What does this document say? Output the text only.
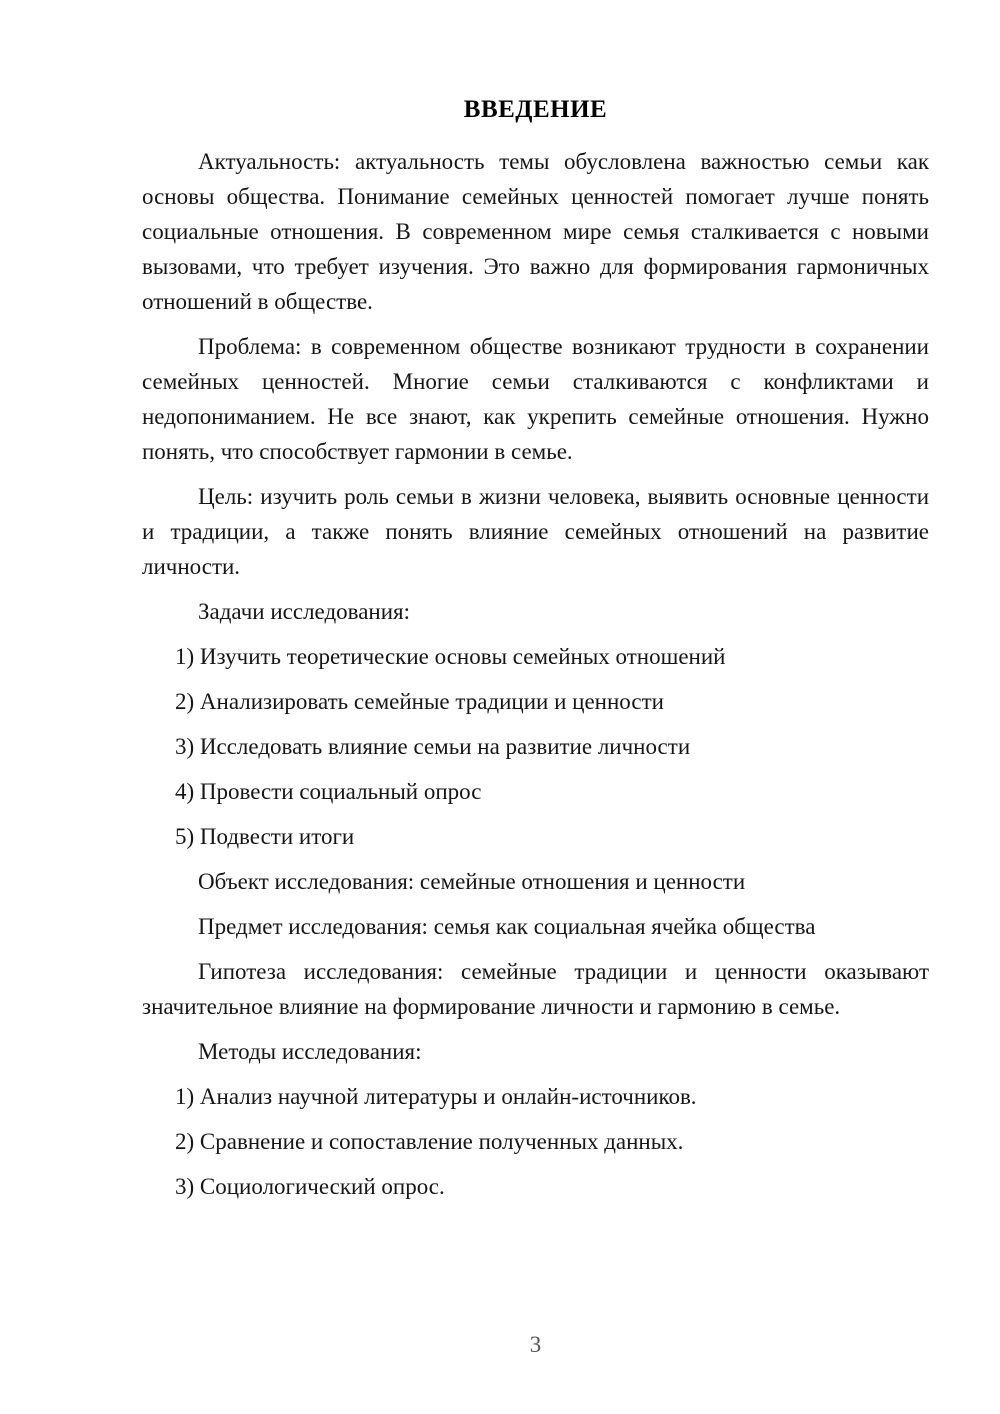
ВВЕДЕНИЕ

Актуальность: актуальность темы обусловлена важностью семьи как основы общества. Понимание семейных ценностей помогает лучше понять социальные отношения. В современном мире семья сталкивается с новыми вызовами, что требует изучения. Это важно для формирования гармоничных отношений в обществе.

Проблема: в современном обществе возникают трудности в сохранении семейных ценностей. Многие семьи сталкиваются с конфликтами и недопониманием. Не все знают, как укрепить семейные отношения. Нужно понять, что способствует гармонии в семье.

Цель: изучить роль семьи в жизни человека, выявить основные ценности и традиции, а также понять влияние семейных отношений на развитие личности.

Задачи исследования:

1) Изучить теоретические основы семейных отношений

2) Анализировать семейные традиции и ценности

3) Исследовать влияние семьи на развитие личности

4) Провести социальный опрос

5) Подвести итоги

Объект исследования: семейные отношения и ценности

Предмет исследования: семья как социальная ячейка общества

Гипотеза исследования: семейные традиции и ценности оказывают значительное влияние на формирование личности и гармонию в семье.

Методы исследования:

1) Анализ научной литературы и онлайн-источников.

2) Сравнение и сопоставление полученных данных.

3) Социологический опрос.

3
